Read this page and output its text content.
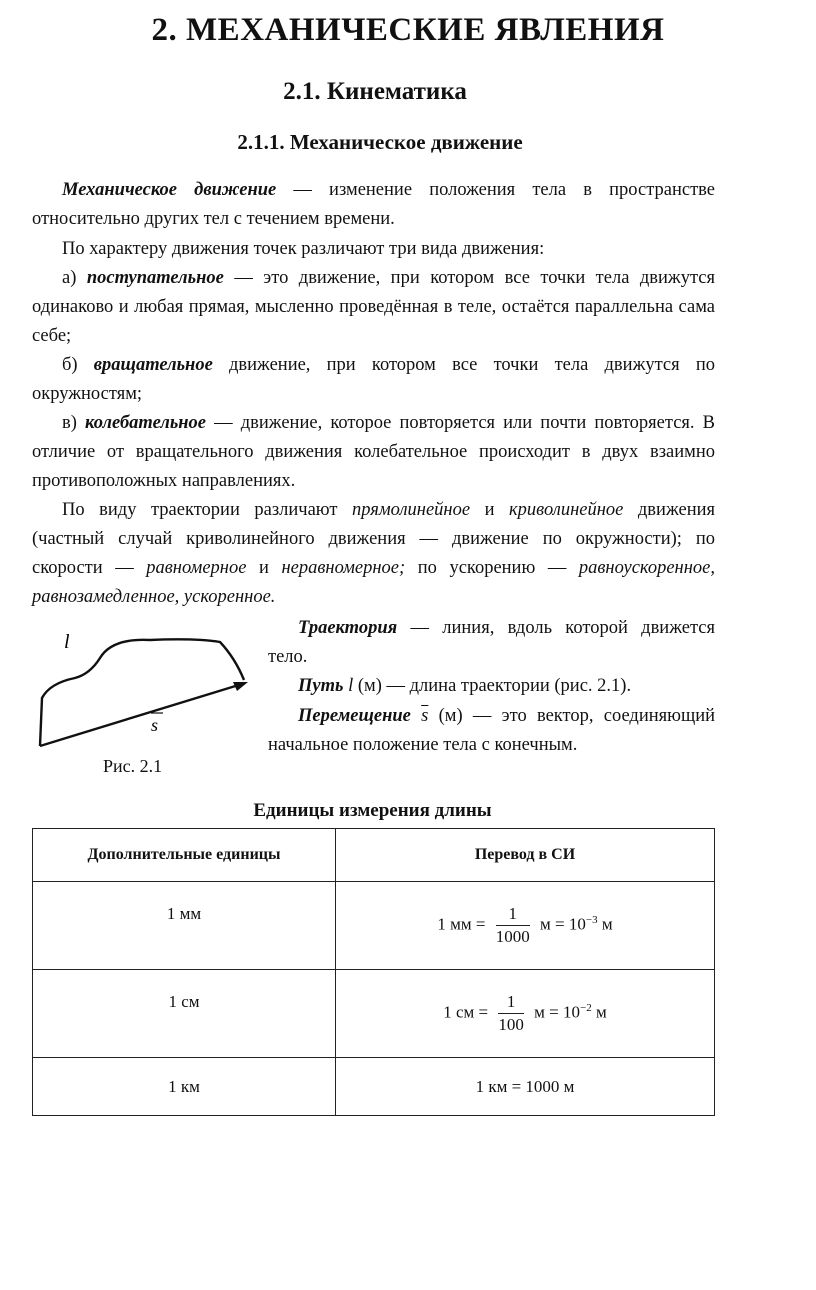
2. МЕХАНИЧЕСКИЕ ЯВЛЕНИЯ
2.1. Кинематика
2.1.1. Механическое движение

Механическое движение — изменение положения тела в пространстве относительно других тел с течением времени.

По характеру движения точек различают три вида движения:

а) поступательное — это движение, при котором все точки тела движутся одинаково и любая прямая, мысленно проведённая в теле, остаётся параллельна сама себе;

б) вращательное движение, при котором все точки тела движутся по окружностям;

в) колебательное — движение, которое повторяется или почти повторяется. В отличие от вращательного движения колебательное происходит в двух взаимно противоположных направлениях.

По виду траектории различают прямолинейное и криволинейное движения (частный случай криволинейного движения — движение по окружности); по скорости — равномерное и неравномерное; по ускорению — равноускоренное, равнозамедленное, ускоренное.

l
s
Рис. 2.1

Траектория — линия, вдоль которой движется тело.

Путь l (м) — длина траектории (рис. 2.1).

Перемещение $\overline{s}$ (м) — это вектор, соединяющий начальное положение тела с конечным.

Единицы измерения длины
Дополнительные единицы	Перевод в СИ
1 мм	1 мм = $\frac{1}{1000}$ $м = 10^{-3}$ м
1 см	1 см = $\frac{1}{100}$ $м = 10^{-2}$ м
1 км	1 км = 1000 м
